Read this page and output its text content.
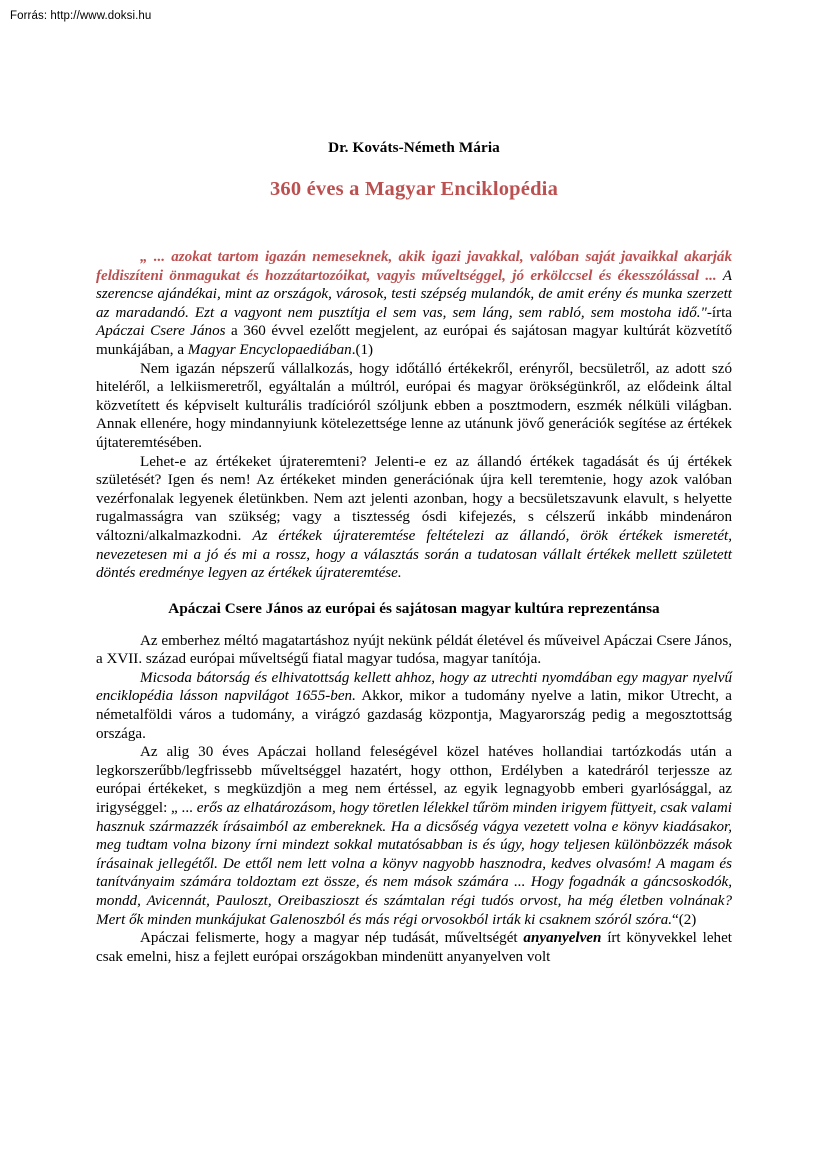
Forrás: http://www.doksi.hu
Dr. Kováts-Németh Mária
360 éves a Magyar Enciklopédia

„ ... azokat tartom igazán nemeseknek, akik igazi javakkal, valóban saját javaikkal akarják feldiszíteni önmagukat és hozzátartozóikat, vagyis műveltséggel, jó erkölccsel és ékesszólással ... A szerencse ajándékai, mint az országok, városok, testi szépség mulandók, de amit erény és munka szerzett az maradandó. Ezt a vagyont nem pusztítja el sem vas, sem láng, sem rabló, sem mostoha idő."-írta Apáczai Csere János a 360 évvel ezelőtt megjelent, az európai és sajátosan magyar kultúrát közvetítő munkájában, a Magyar Encyclopaediában.(1)

Nem igazán népszerű vállalkozás, hogy időtálló értékekről, erényről, becsületről, az adott szó hiteléről, a lelkiismeretről, egyáltalán a múltról, európai és magyar örökségünkről, az elődeink által közvetített és képviselt kulturális tradícióról szóljunk ebben a posztmodern, eszmék nélküli világban. Annak ellenére, hogy mindannyiunk kötelezettsége lenne az utánunk jövő generációk segítése az értékek újtateremtésében.

Lehet-e az értékeket újrateremteni? Jelenti-e ez az állandó értékek tagadását és új értékek születését? Igen és nem! Az értékeket minden generációnak újra kell teremtenie, hogy azok valóban vezérfonalak legyenek életünkben. Nem azt jelenti azonban, hogy a becsületszavunk elavult, s helyette rugalmasságra van szükség; vagy a tisztesség ósdi kifejezés, s célszerű inkább mindenáron változni/alkalmazkodni. Az értékek újrateremtése feltételezi az állandó, örök értékek ismeretét, nevezetesen mi a jó és mi a rossz, hogy a választás során a tudatosan vállalt értékek mellett született döntés eredménye legyen az értékek újrateremtése.

Apáczai Csere János az európai és sajátosan magyar kultúra reprezentánsa

Az emberhez méltó magatartáshoz nyújt nekünk példát életével és műveivel Apáczai Csere János, a XVII. század európai műveltségű fiatal magyar tudósa, magyar tanítója.

Micsoda bátorság és elhivatottság kellett ahhoz, hogy az utrechti nyomdában egy magyar nyelvű enciklopédia lásson napvilágot 1655-ben. Akkor, mikor a tudomány nyelve a latin, mikor Utrecht, a németalföldi város a tudomány, a virágzó gazdaság központja, Magyarország pedig a megosztottság országa.

Az alig 30 éves Apáczai holland feleségével közel hatéves hollandiai tartózkodás után a legkorszerűbb/legfrissebb műveltséggel hazatért, hogy otthon, Erdélyben a katedráról terjessze az európai értékeket, s megküzdjön a meg nem értéssel, az egyik legnagyobb emberi gyarlósággal, az irigységgel: „ ... erős az elhatározásom, hogy töretlen lélekkel tűröm minden irigyem füttyeit, csak valami hasznuk származzék írásaimból az embereknek. Ha a dicsőség vágya vezetett volna e könyv kiadásakor, meg tudtam volna bizony írni mindezt sokkal mutatósabban is és úgy, hogy teljesen különbözzék mások írásainak jellegétől. De ettől nem lett volna a könyv nagyobb hasznodra, kedves olvasóm! A magam és tanítványaim számára toldoztam ezt össze, és nem mások számára ... Hogy fogadnák a gáncsoskodók, mondd, Avicennát, Pauloszt, Oreibaszioszt és számtalan régi tudós orvost, ha még életben volnának? Mert ők minden munkájukat Galenoszból és más régi orvosokból irták ki csaknem szóról szóra.“(2)

Apáczai felismerte, hogy a magyar nép tudását, műveltségét anyanyelven írt könyvekkel lehet csak emelni, hisz a fejlett európai országokban mindenütt anyanyelven volt
